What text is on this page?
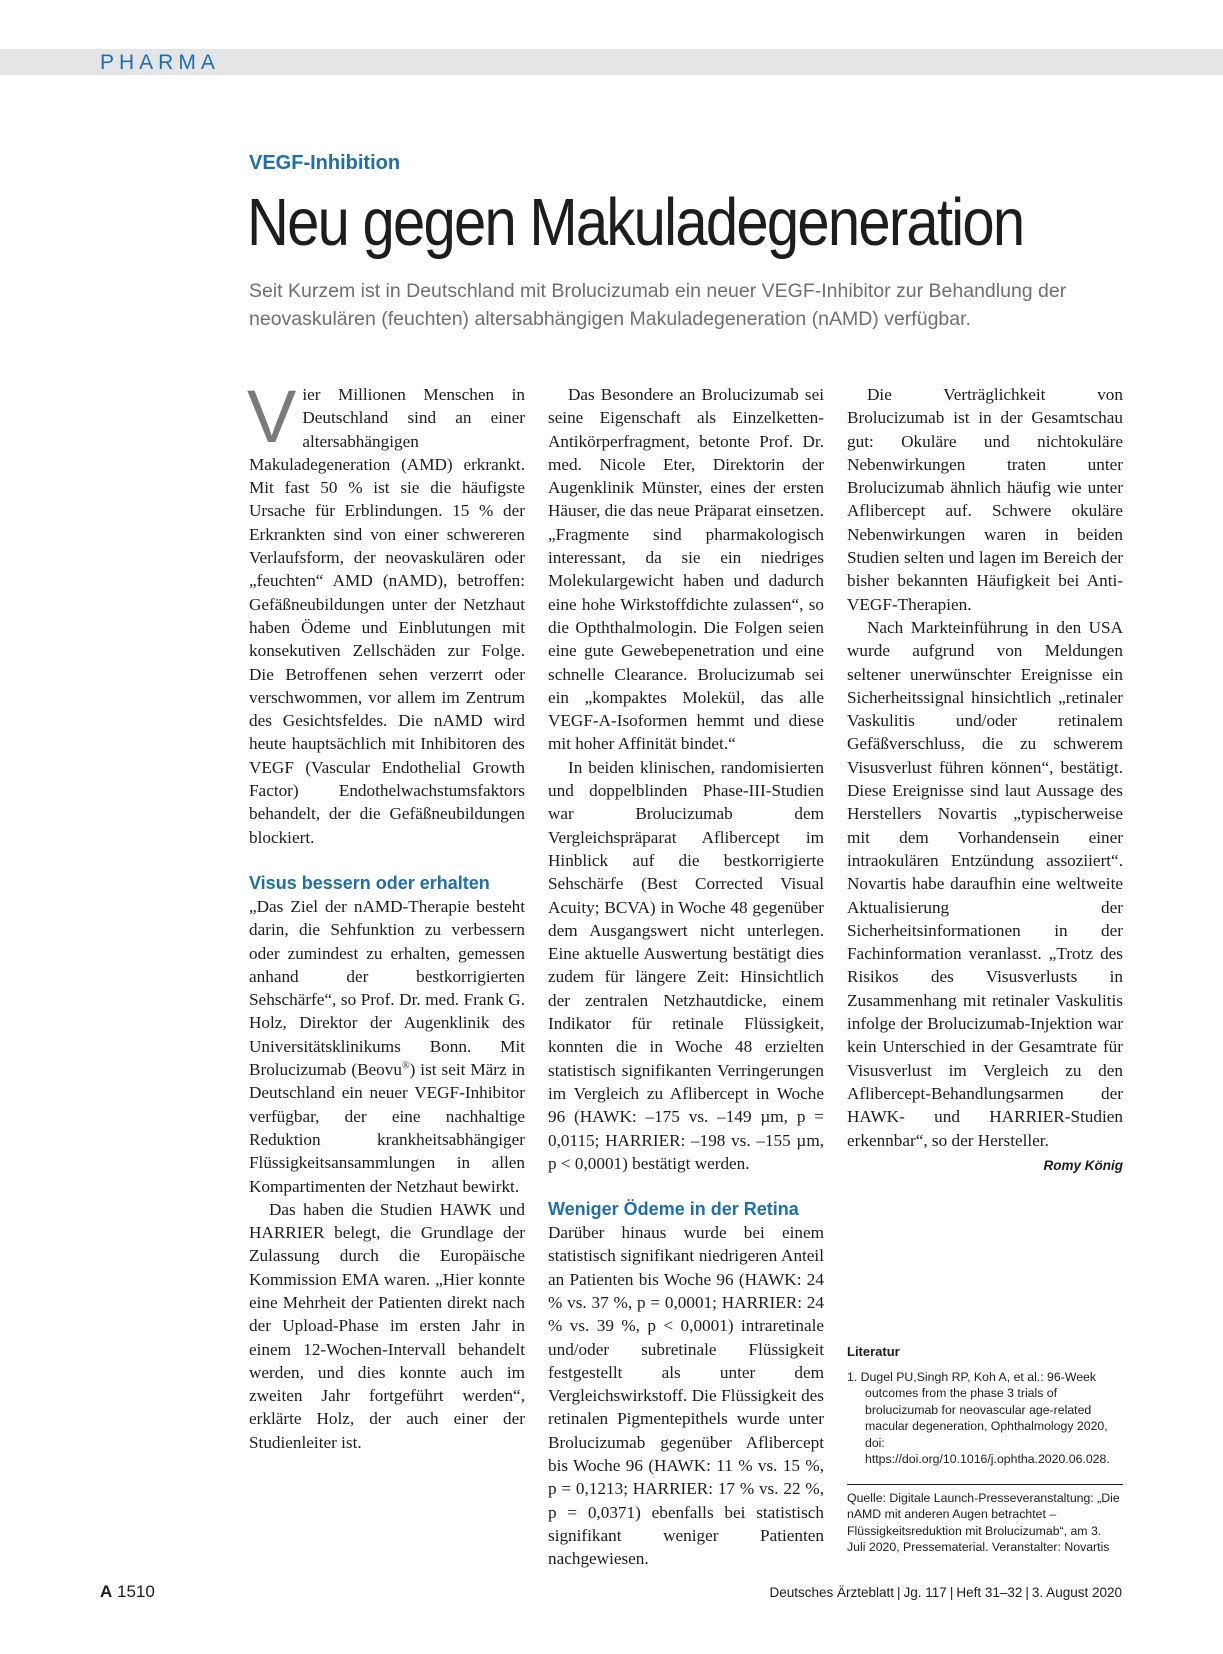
PHARMA
VEGF-Inhibition
Neu gegen Makuladegeneration

Seit Kurzem ist in Deutschland mit Brolucizumab ein neuer VEGF-Inhibitor zur Behandlung der neovaskulären (feuchten) altersabhängigen Makuladegeneration (nAMD) verfügbar.

Vier Millionen Menschen in Deutschland sind an einer altersabhängigen Makuladegeneration (AMD) erkrankt. Mit fast 50 % ist sie die häufigste Ursache für Erblindungen. 15 % der Erkrankten sind von einer schwereren Verlaufsform, der neovaskulären oder „feuchten“ AMD (nAMD), betroffen: Gefäßneubildungen unter der Netzhaut haben Ödeme und Einblutungen mit konsekutiven Zellschäden zur Folge. Die Betroffenen sehen verzerrt oder verschwommen, vor allem im Zentrum des Gesichtsfeldes. Die nAMD wird heute hauptsächlich mit Inhibitoren des VEGF (Vascular Endothelial Growth Factor) Endothelwachstumsfaktors behandelt, der die Gefäßneubildungen blockiert.

Visus bessern oder erhalten

„Das Ziel der nAMD-Therapie besteht darin, die Sehfunktion zu verbessern oder zumindest zu erhalten, gemessen anhand der bestkorrigierten Sehschärfe“, so Prof. Dr. med. Frank G. Holz, Direktor der Augenklinik des Universitätsklinikums Bonn. Mit Brolucizumab (Beovu®) ist seit März in Deutschland ein neuer VEGF-Inhibitor verfügbar, der eine nachhaltige Reduktion krankheitsabhängiger Flüssigkeitsansammlungen in allen Kompartimenten der Netzhaut bewirkt.

Das haben die Studien HAWK und HARRIER belegt, die Grundlage der Zulassung durch die Europäische Kommission EMA waren. „Hier konnte eine Mehrheit der Patienten direkt nach der Upload-Phase im ersten Jahr in einem 12-Wochen-Intervall behandelt werden, und dies konnte auch im zweiten Jahr fortgeführt werden“, erklärte Holz, der auch einer der Studienleiter ist.

Das Besondere an Brolucizumab sei seine Eigenschaft als Einzelketten-Antikörperfragment, betonte Prof. Dr. med. Nicole Eter, Direktorin der Augenklinik Münster, eines der ersten Häuser, die das neue Präparat einsetzen. „Fragmente sind pharmakologisch interessant, da sie ein niedriges Molekulargewicht haben und dadurch eine hohe Wirkstoffdichte zulassen“, so die Opththalmologin. Die Folgen seien eine gute Gewebepenetration und eine schnelle Clearance. Brolucizumab sei ein „kompaktes Molekül, das alle VEGF-A-Isoformen hemmt und diese mit hoher Affinität bindet.“

In beiden klinischen, randomisierten und doppelblinden Phase-III-Studien war Brolucizumab dem Vergleichspräparat Aflibercept im Hinblick auf die bestkorrigierte Sehschärfe (Best Corrected Visual Acuity; BCVA) in Woche 48 gegenüber dem Ausgangswert nicht unterlegen. Eine aktuelle Auswertung bestätigt dies zudem für längere Zeit: Hinsichtlich der zentralen Netzhautdicke, einem Indikator für retinale Flüssigkeit, konnten die in Woche 48 erzielten statistisch signifikanten Verringerungen im Vergleich zu Aflibercept in Woche 96 (HAWK: –175 vs. –149 µm, p = 0,0115; HARRIER: –198 vs. –155 µm, p < 0,0001) bestätigt werden.

Weniger Ödeme in der Retina

Darüber hinaus wurde bei einem statistisch signifikant niedrigeren Anteil an Patienten bis Woche 96 (HAWK: 24 % vs. 37 %, p = 0,0001; HARRIER: 24 % vs. 39 %, p < 0,0001) intraretinale und/oder subretinale Flüssigkeit festgestellt als unter dem Vergleichswirkstoff. Die Flüssigkeit des retinalen Pigmentepithels wurde unter Brolucizumab gegenüber Aflibercept bis Woche 96 (HAWK: 11 % vs. 15 %, p = 0,1213; HARRIER: 17 % vs. 22 %, p = 0,0371) ebenfalls bei statistisch signifikant weniger Patienten nachgewiesen.

Die Verträglichkeit von Brolucizumab ist in der Gesamtschau gut: Okuläre und nichtokuläre Nebenwirkungen traten unter Brolucizumab ähnlich häufig wie unter Aflibercept auf. Schwere okuläre Nebenwirkungen waren in beiden Studien selten und lagen im Bereich der bisher bekannten Häufigkeit bei Anti-VEGF-Therapien.

Nach Markteinführung in den USA wurde aufgrund von Meldungen seltener unerwünschter Ereignisse ein Sicherheitssignal hinsichtlich „retinaler Vaskulitis und/oder retinalem Gefäßverschluss, die zu schwerem Visusverlust führen können“, bestätigt. Diese Ereignisse sind laut Aussage des Herstellers Novartis „typischerweise mit dem Vorhandensein einer intraokulären Entzündung assoziiert“. Novartis habe daraufhin eine weltweite Aktualisierung der Sicherheitsinformationen in der Fachinformation veranlasst. „Trotz des Risikos des Visusverlusts in Zusammenhang mit retinaler Vaskulitis infolge der Brolucizumab-Injektion war kein Unterschied in der Gesamtrate für Visusverlust im Vergleich zu den Aflibercept-Behandlungsarmen der HAWK- und HARRIER-Studien erkennbar“, so der Hersteller.
Romy König

Literatur
1. Dugel PU,Singh RP, Koh A, et al.: 96-Week outcomes from the phase 3 trials of brolucizumab for neovascular age-related macular degeneration, Ophthalmology 2020, doi: https://doi.org/10.1016/j.ophtha.2020.06.028.

Quelle: Digitale Launch-Presseveranstaltung: „Die nAMD mit anderen Augen betrachtet – Flüssigkeitsreduktion mit Brolucizumab“, am 3. Juli 2020, Pressematerial. Veranstalter: Novartis

A 1510	Deutsches Ärzteblatt | Jg. 117 | Heft 31–32 | 3. August 2020
